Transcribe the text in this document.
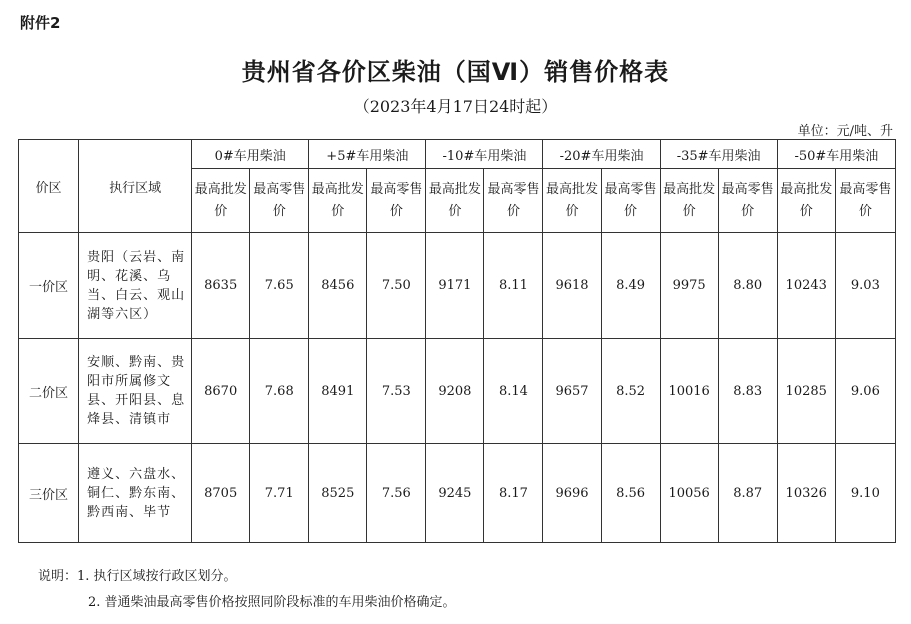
附件2
贵州省各价区柴油（国Ⅵ）销售价格表
（2023年4月17日24时起）
单位：元/吨、升
价区	执行区域	0#车用柴油		+5#车用柴油		-10#车用柴油		-20#车用柴油		-35#车用柴油		-50#车用柴油	
		最高批发价	最高零售价	最高批发价	最高零售价	最高批发价	最高零售价	最高批发价	最高零售价	最高批发价	最高零售价	最高批发价	最高零售价
一价区	贵阳（云岩、南明、花溪、乌当、白云、观山湖等六区）	8635	7.65	8456	7.50	9171	8.11	9618	8.49	9975	8.80	10243	9.03
二价区	安顺、黔南、贵阳市所属修文县、开阳县、息烽县、清镇市	8670	7.68	8491	7.53	9208	8.14	9657	8.52	10016	8.83	10285	9.06
三价区	遵义、六盘水、铜仁、黔东南、黔西南、毕节	8705	7.71	8525	7.56	9245	8.17	9696	8.56	10056	8.87	10326	9.10
说明：1. 执行区域按行政区划分。
2. 普通柴油最高零售价格按照同阶段标准的车用柴油价格确定。
